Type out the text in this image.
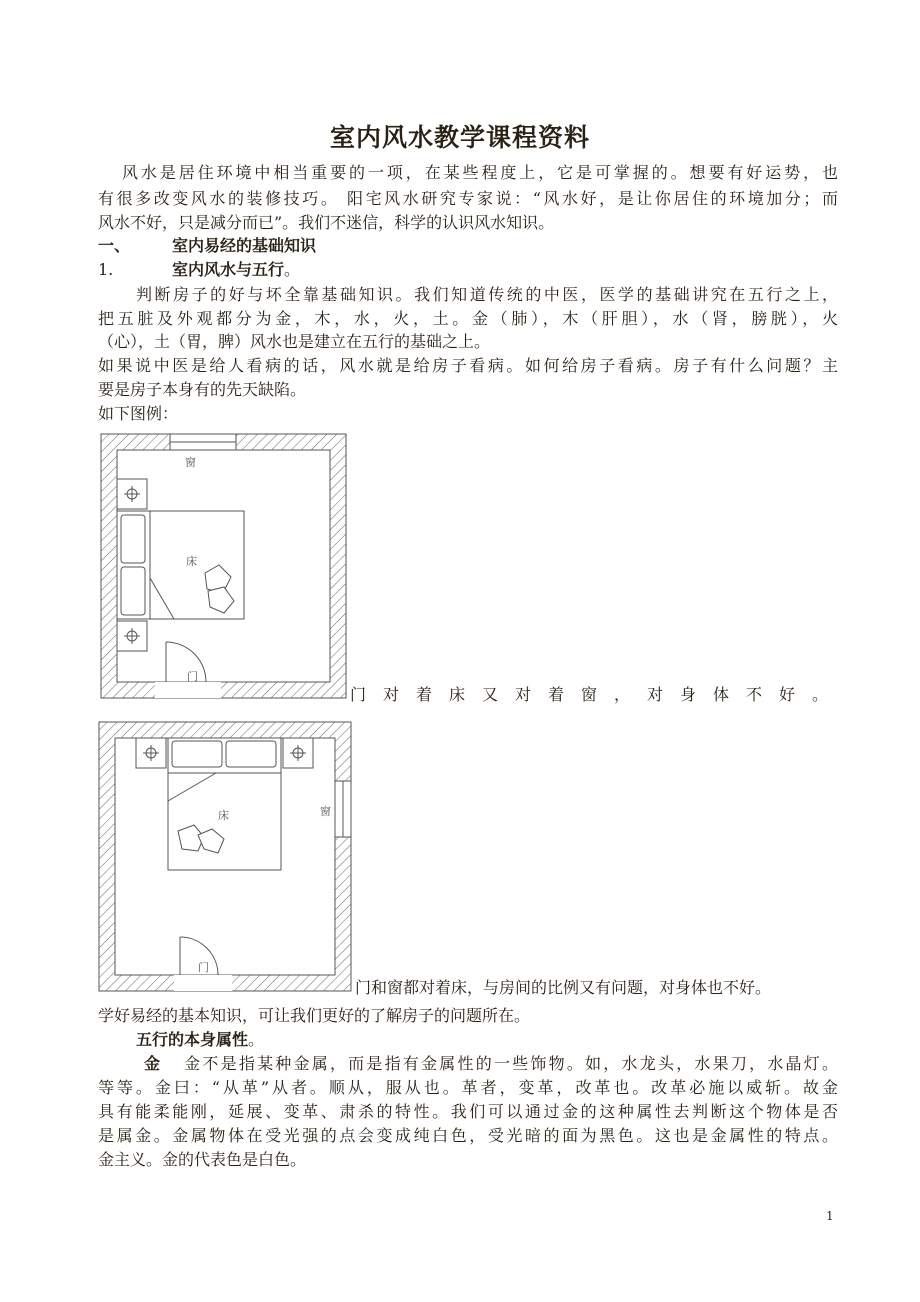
室内风水教学课程资料

风水是居住环境中相当重要的一项，在某些程度上，它是可掌握的。想要有好运势，也

有很多改变风水的装修技巧。 阳宅风水研究专家说：“风水好，是让你居住的环境加分；而

风水不好，只是减分而已”。我们不迷信，科学的认识风水知识。

一、	室内易经的基础知识

1.	室内风水与五行。

判断房子的好与坏全靠基础知识。我们知道传统的中医，医学的基础讲究在五行之上，

把五脏及外观都分为金，木，水，火，土。金（肺），木（肝胆），水（肾，膀胱），火

（心），土（胃，脾）风水也是建立在五行的基础之上。

如果说中医是给人看病的话，风水就是给房子看病。如何给房子看病。房子有什么问题？主

要是房子本身有的先天缺陷。

如下图例：

窗
床
门

门对着床又对着窗，对身体不好。

床	窗
门

门和窗都对着床，与房间的比例又有问题，对身体也不好。

学好易经的基本知识，可让我们更好的了解房子的问题所在。

五行的本身属性。

金 金不是指某种金属，而是指有金属性的一些饰物。如，水龙头，水果刀，水晶灯。

等等。金曰：“从革”从者。顺从，服从也。革者，变革，改革也。改革必施以威斩。故金

具有能柔能刚，延展、变革、肃杀的特性。我们可以通过金的这种属性去判断这个物体是否

是属金。金属物体在受光强的点会变成纯白色，受光暗的面为黑色。这也是金属性的特点。

金主义。金的代表色是白色。

1
